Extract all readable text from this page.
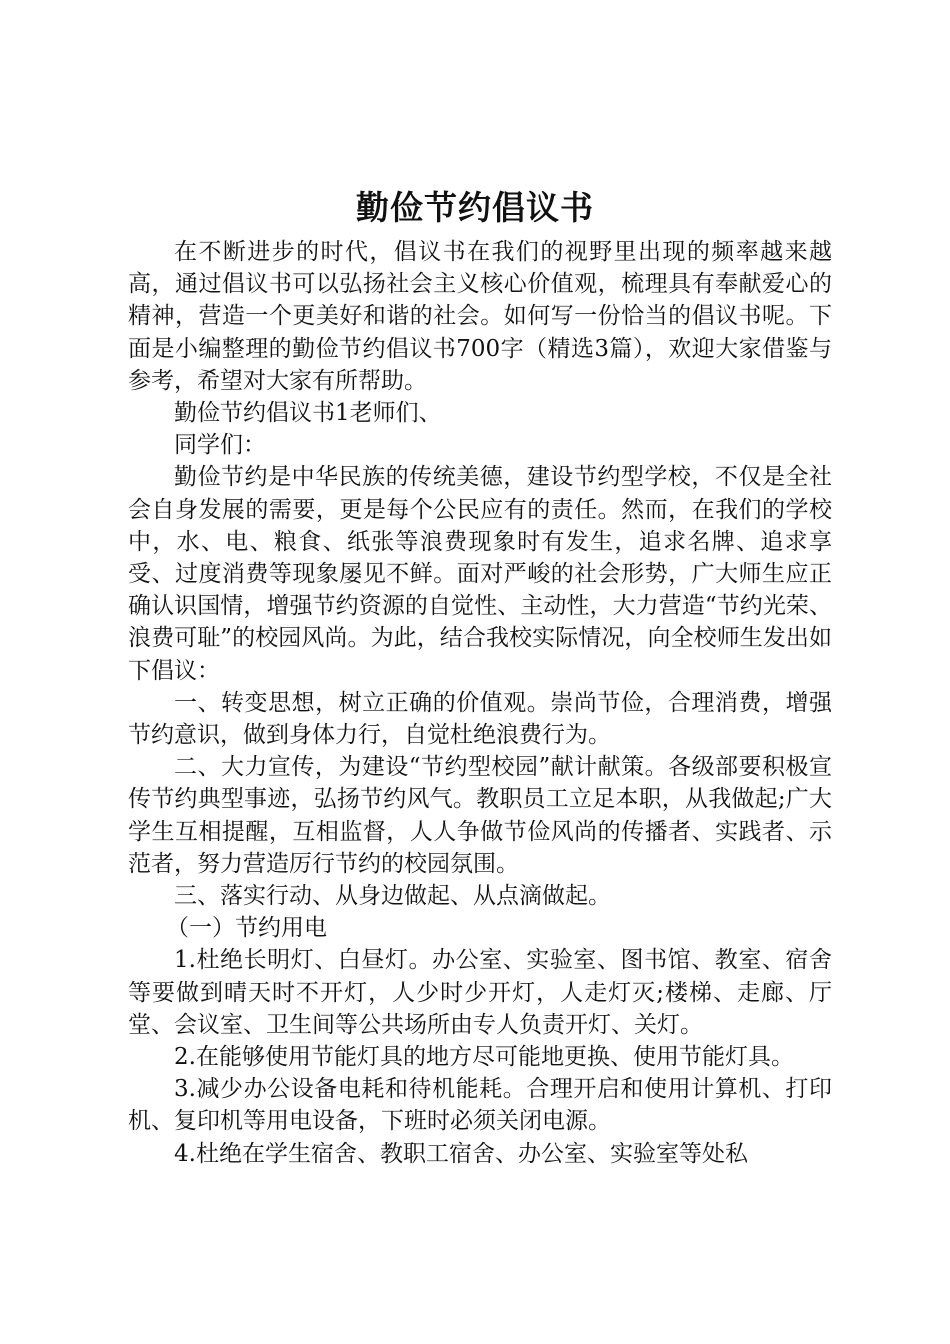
勤俭节约倡议书

在不断进步的时代，倡议书在我们的视野里出现的频率越来越高，通过倡议书可以弘扬社会主义核心价值观，梳理具有奉献爱心的精神，营造一个更美好和谐的社会。如何写一份恰当的倡议书呢。下面是小编整理的勤俭节约倡议书700字（精选3篇），欢迎大家借鉴与参考，希望对大家有所帮助。

勤俭节约倡议书1老师们、

同学们：

勤俭节约是中华民族的传统美德，建设节约型学校，不仅是全社会自身发展的需要，更是每个公民应有的责任。然而，在我们的学校中，水、电、粮食、纸张等浪费现象时有发生，追求名牌、追求享受、过度消费等现象屡见不鲜。面对严峻的社会形势，广大师生应正确认识国情，增强节约资源的自觉性、主动性，大力营造“节约光荣、浪费可耻”的校园风尚。为此，结合我校实际情况，向全校师生发出如下倡议：

一、转变思想，树立正确的价值观。崇尚节俭，合理消费，增强节约意识，做到身体力行，自觉杜绝浪费行为。

二、大力宣传，为建设“节约型校园”献计献策。各级部要积极宣传节约典型事迹，弘扬节约风气。教职员工立足本职，从我做起;广大学生互相提醒，互相监督，人人争做节俭风尚的传播者、实践者、示范者，努力营造厉行节约的校园氛围。

三、落实行动、从身边做起、从点滴做起。

（一）节约用电

1.杜绝长明灯、白昼灯。办公室、实验室、图书馆、教室、宿舍等要做到晴天时不开灯，人少时少开灯，人走灯灭;楼梯、走廊、厅堂、会议室、卫生间等公共场所由专人负责开灯、关灯。

2.在能够使用节能灯具的地方尽可能地更换、使用节能灯具。

3.减少办公设备电耗和待机能耗。合理开启和使用计算机、打印机、复印机等用电设备，下班时必须关闭电源。

4.杜绝在学生宿舍、教职工宿舍、办公室、实验室等处私
